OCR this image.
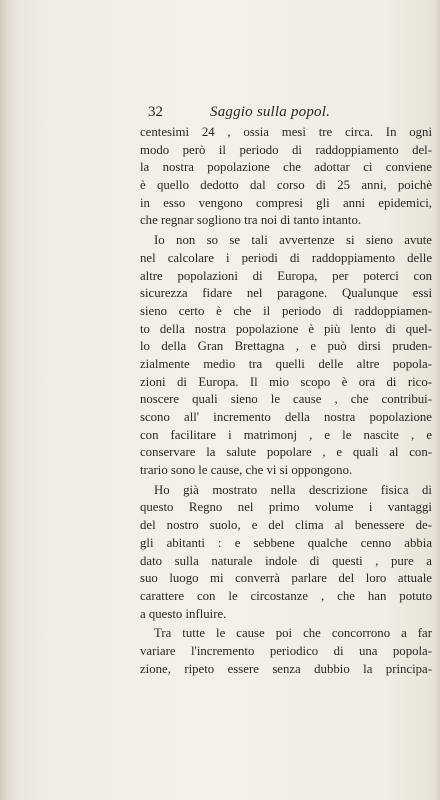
32	Saggio sulla popol.
centesimi 24 , ossia mesi tre circa. In ogni
modo però il periodo di raddoppiamento del-
la nostra popolazione che adottar ci conviene
è quello dedotto dal corso di 25 anni, poichè
in esso vengono compresi gli anni epidemici,
che regnar sogliono tra noi di tanto intanto.
Io non so se tali avvertenze si sieno avute
nel calcolare i periodi di raddoppiamento delle
altre popolazioni di Europa, per poterci con
sicurezza fidare nel paragone. Qualunque essi
sieno certo è che il periodo di raddoppiamen-
to della nostra popolazione è più lento di quel-
lo della Gran Brettagna , e può dirsi pruden-
zialmente medio tra quelli delle altre popola-
zioni di Europa. Il mio scopo è ora di rico-
noscere quali sieno le cause , che contribui-
scono all' incremento della nostra popolazione
con facilitare i matrimonj , e le nascite , e
conservare la salute popolare , e quali al con-
trario sono le cause, che vi si oppongono.
Ho già mostrato nella descrizione fisica di
questo Regno nel primo volume i vantaggi
del nostro suolo, e del clima al benessere de-
gli abitanti : e sebbene qualche cenno abbia
dato sulla naturale indole di questi , pure a
suo luogo mi converrà parlare del loro attuale
carattere con le circostanze , che han potuto
a questo influire.
Tra tutte le cause poi che concorrono a far
variare l'incremento periodico di una popola-
zione, ripeto essere senza dubbio la principa-
